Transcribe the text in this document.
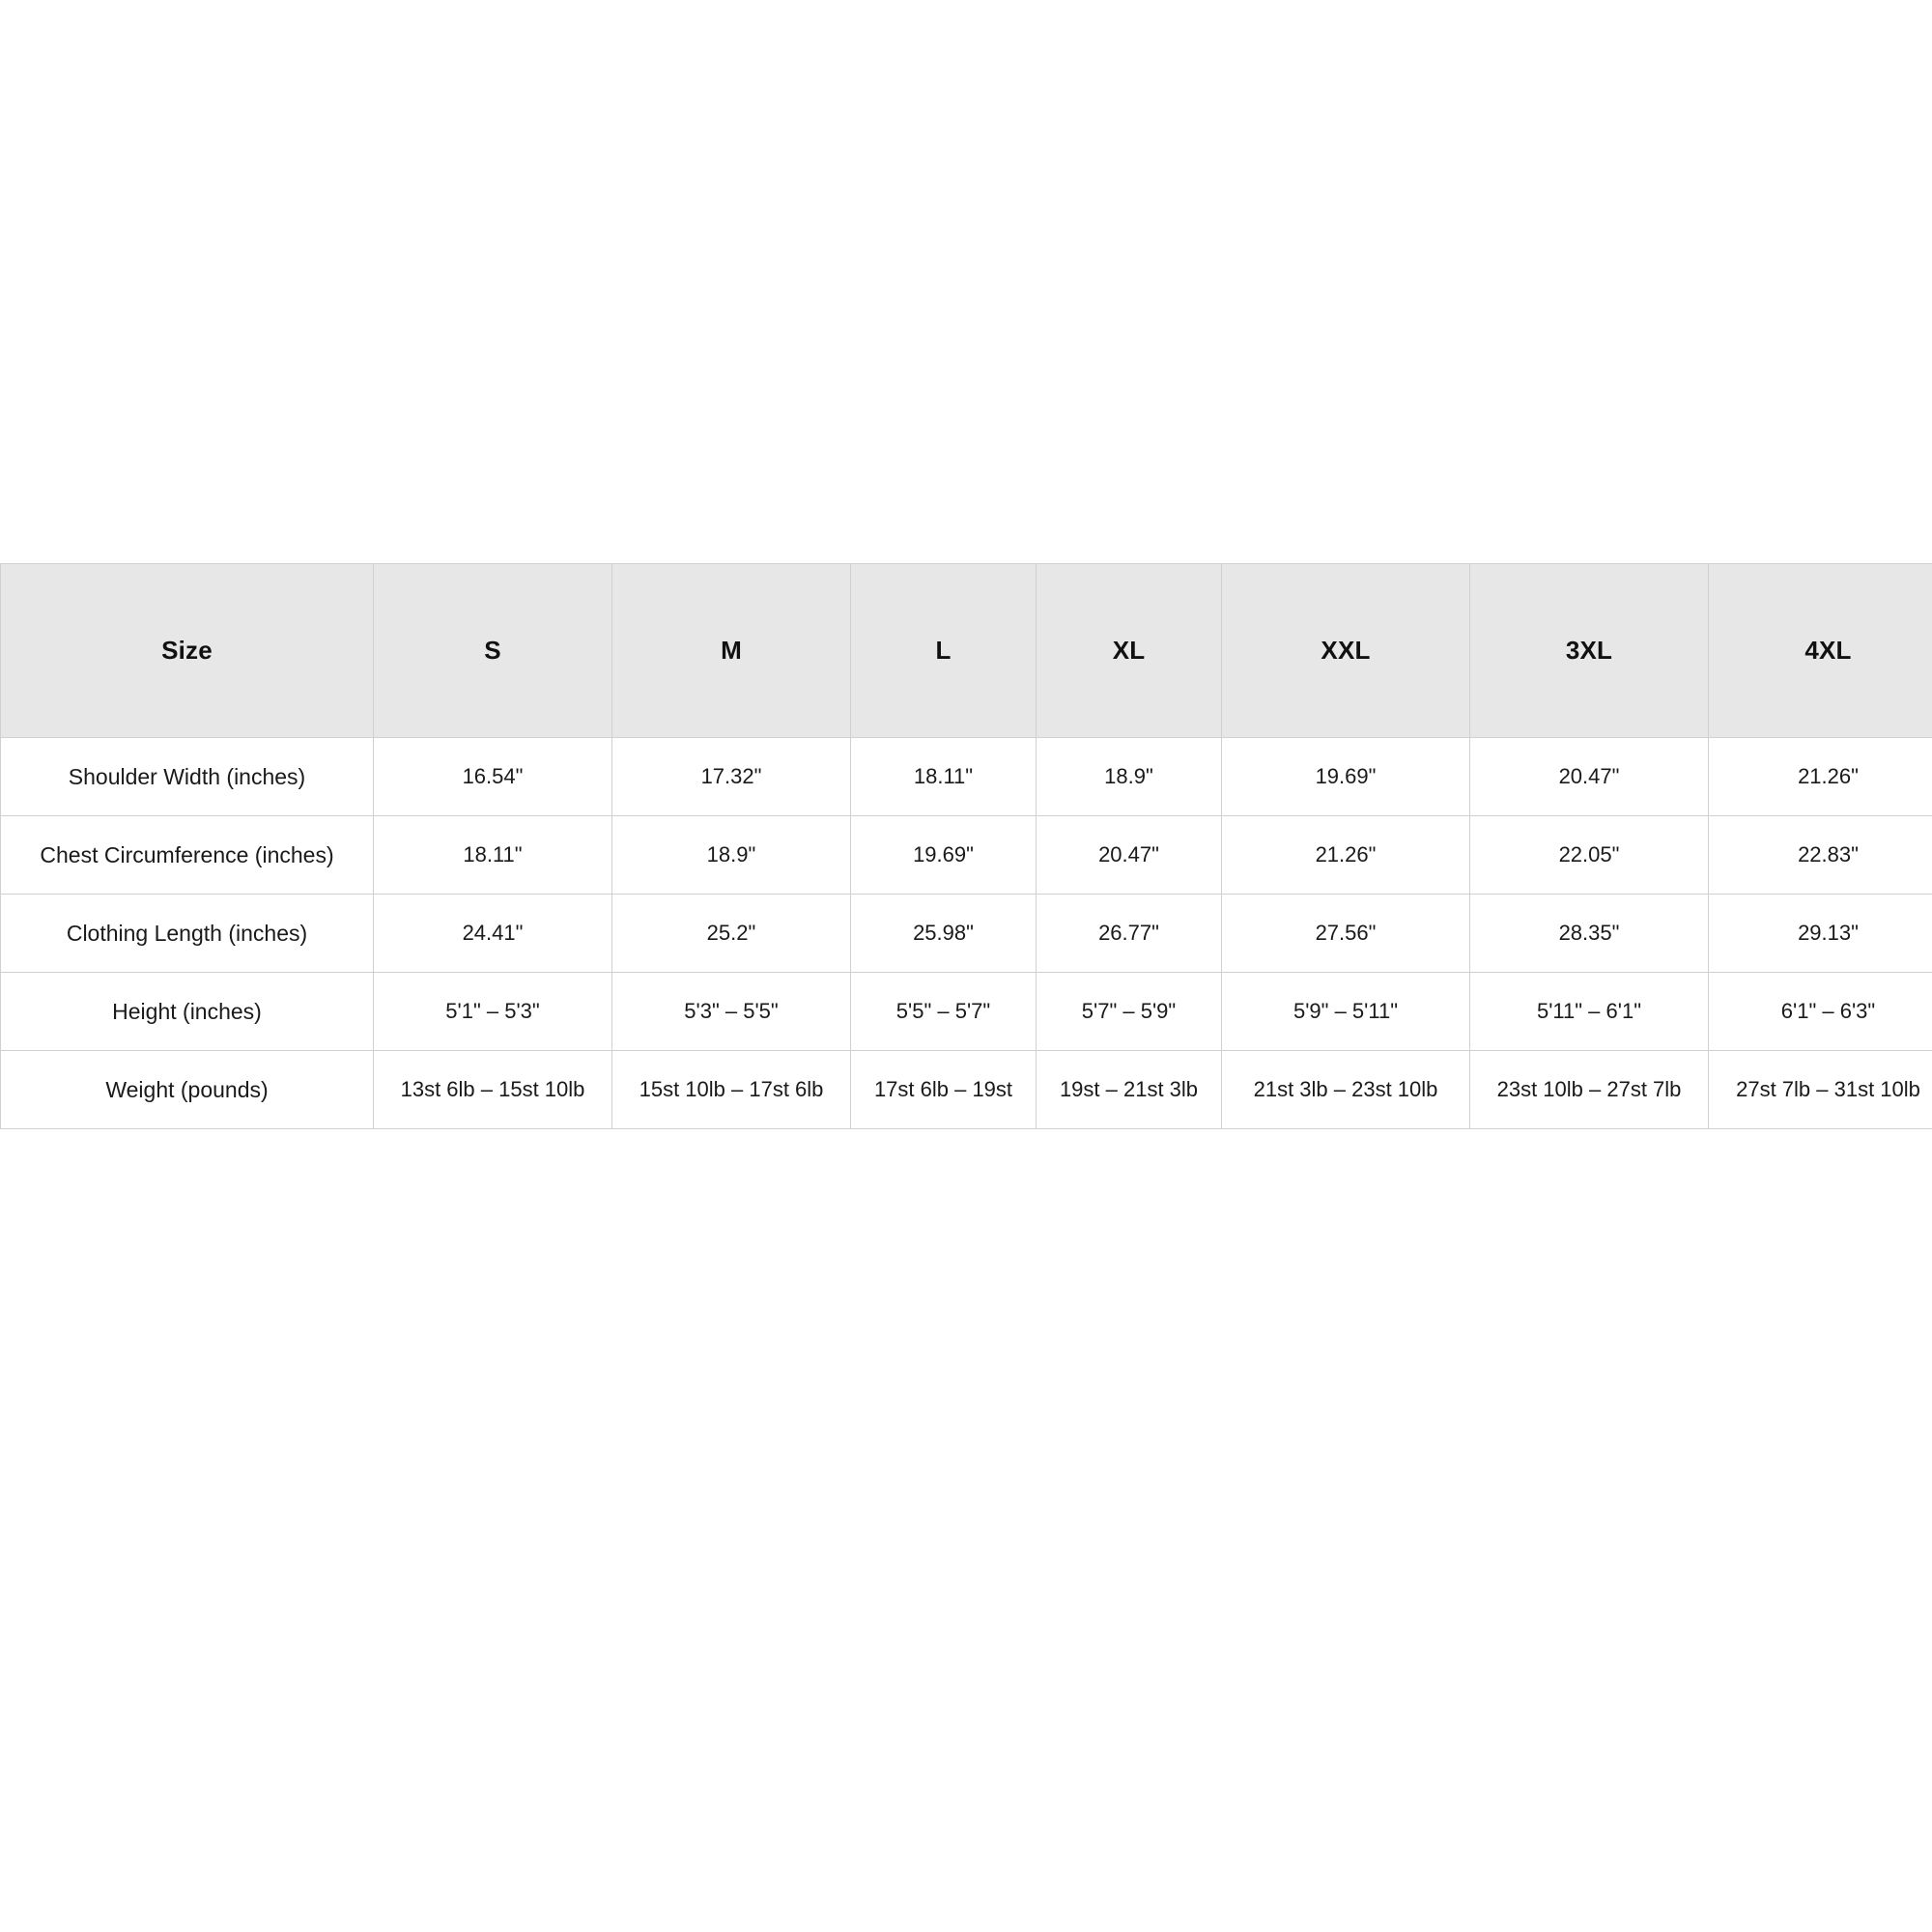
Size	S	M	L	XL	XXL	3XL	4XL
Shoulder Width (inches)	16.54"	17.32"	18.11"	18.9"	19.69"	20.47"	21.26"
Chest Circumference (inches)	18.11"	18.9"	19.69"	20.47"	21.26"	22.05"	22.83"
Clothing Length (inches)	24.41"	25.2"	25.98"	26.77"	27.56"	28.35"	29.13"
Height (inches)	5'1" – 5'3"	5'3" – 5'5"	5'5" – 5'7"	5'7" – 5'9"	5'9" – 5'11"	5'11" – 6'1"	6'1" – 6'3"
Weight (pounds)	13st 6lb – 15st 10lb	15st 10lb – 17st 6lb	17st 6lb – 19st	19st – 21st 3lb	21st 3lb – 23st 10lb	23st 10lb – 27st 7lb	27st 7lb – 31st 10lb
